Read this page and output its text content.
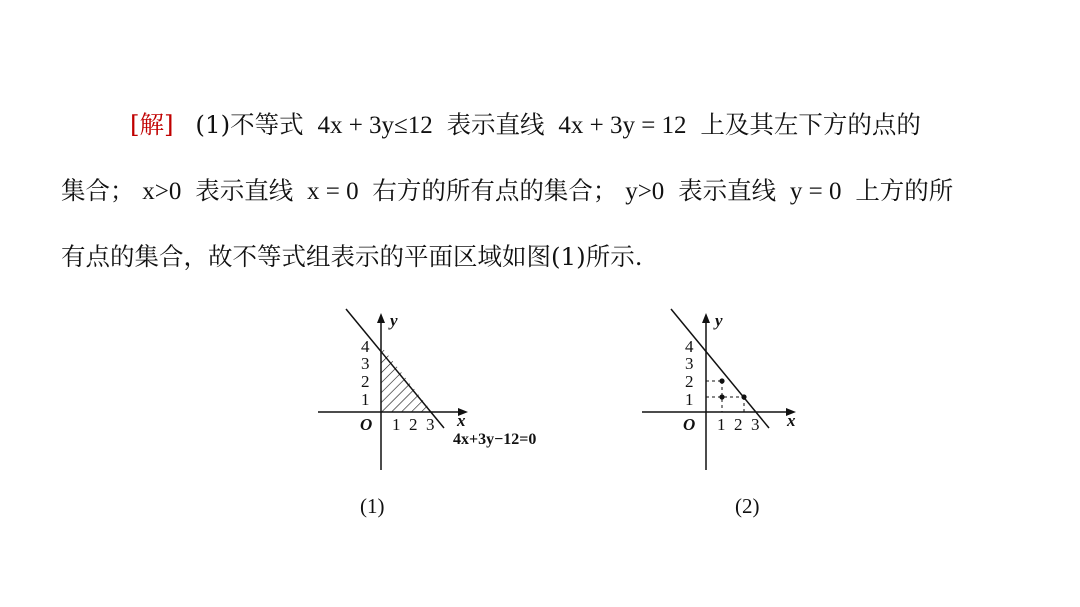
[解] (1)不等式 4x + 3y≤12 表示直线 4x + 3y = 12 上及其左下方的点的
集合； x>0 表示直线 x = 0 右方的所有点的集合； y>0 表示直线 y = 0 上方的所
有点的集合，故不等式组表示的平面区域如图(1)所示.
y
x
O
4
3
2
1
1 2 3
4x+3y−12=0
(1)
y
x
O
4
3
2
1
1 2 3
(2)
